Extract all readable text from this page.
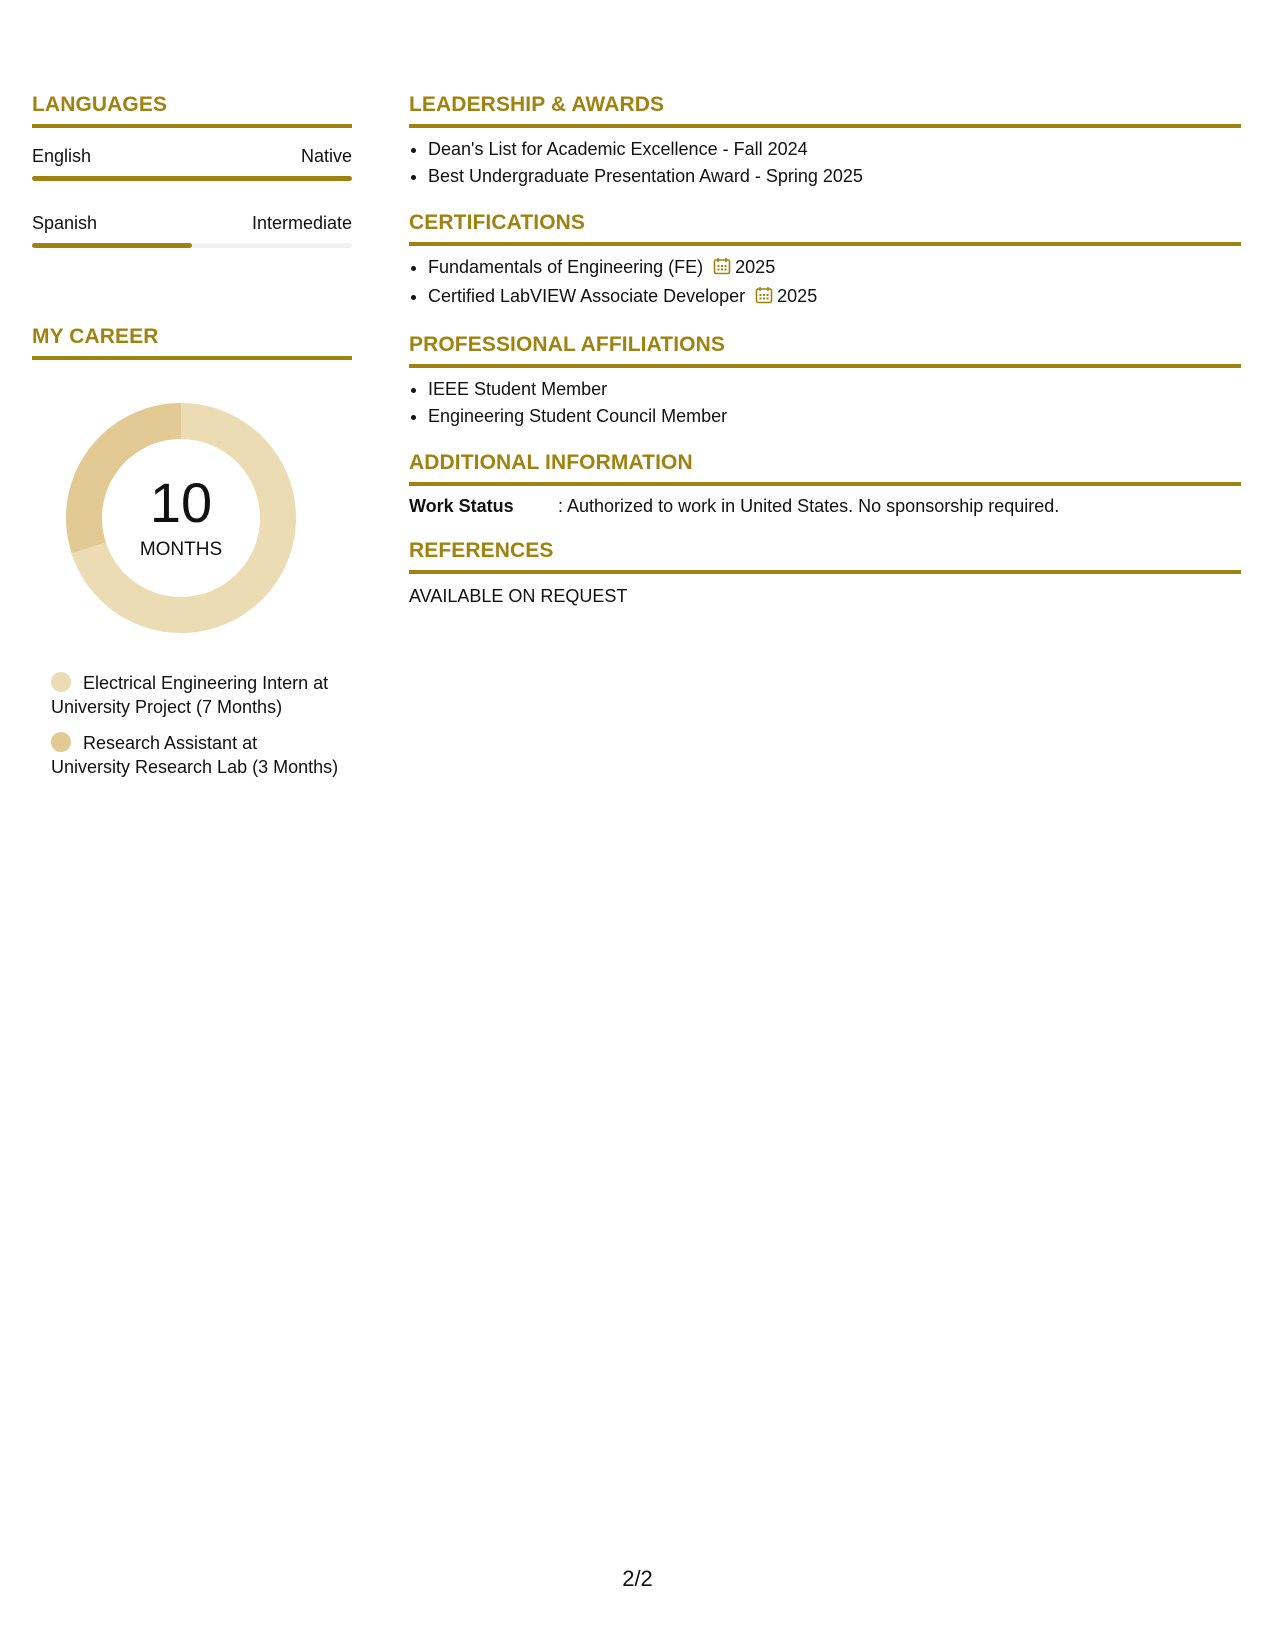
LANGUAGES
English	Native
Spanish	Intermediate
MY CAREER
10
MONTHS
Electrical Engineering Intern at University Project (7 Months)
Research Assistant at University Research Lab (3 Months)
LEADERSHIP & AWARDS
• Dean's List for Academic Excellence - Fall 2024
• Best Undergraduate Presentation Award - Spring 2025
CERTIFICATIONS
• Fundamentals of Engineering (FE) 2025
• Certified LabVIEW Associate Developer 2025
PROFESSIONAL AFFILIATIONS
• IEEE Student Member
• Engineering Student Council Member
ADDITIONAL INFORMATION
Work Status	: Authorized to work in United States. No sponsorship required.
REFERENCES
AVAILABLE ON REQUEST
2/2
